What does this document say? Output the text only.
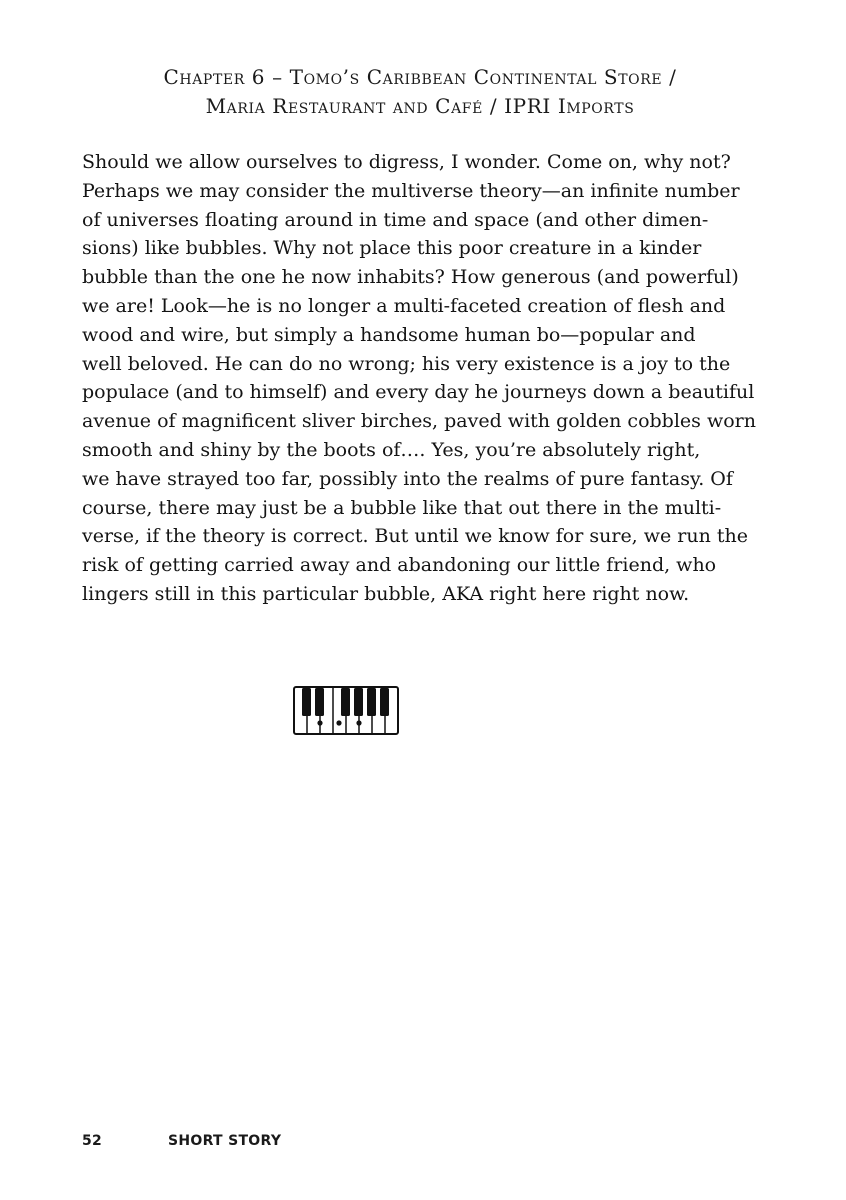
Chapter 6 – Tomo’s Caribbean Continental Store /
Maria Restaurant and Café / IPRI Imports
Should we allow ourselves to digress, I wonder. Come on, why not?
Perhaps we may consider the multiverse theory—an infinite number
of universes floating around in time and space (and other dimen-
sions) like bubbles. Why not place this poor creature in a kinder
bubble than the one he now inhabits? How generous (and powerful)
we are! Look—he is no longer a multi-faceted creation of flesh and
wood and wire, but simply a handsome human bo—popular and
well beloved. He can do no wrong; his very existence is a joy to the
populace (and to himself) and every day he journeys down a beautiful
avenue of magnificent sliver birches, paved with golden cobbles worn
smooth and shiny by the boots of…. Yes, you’re absolutely right,
we have strayed too far, possibly into the realms of pure fantasy. Of
course, there may just be a bubble like that out there in the multi-
verse, if the theory is correct. But until we know for sure, we run the
risk of getting carried away and abandoning our little friend, who
lingers still in this particular bubble, AKA right here right now.
52	SHORT STORY
